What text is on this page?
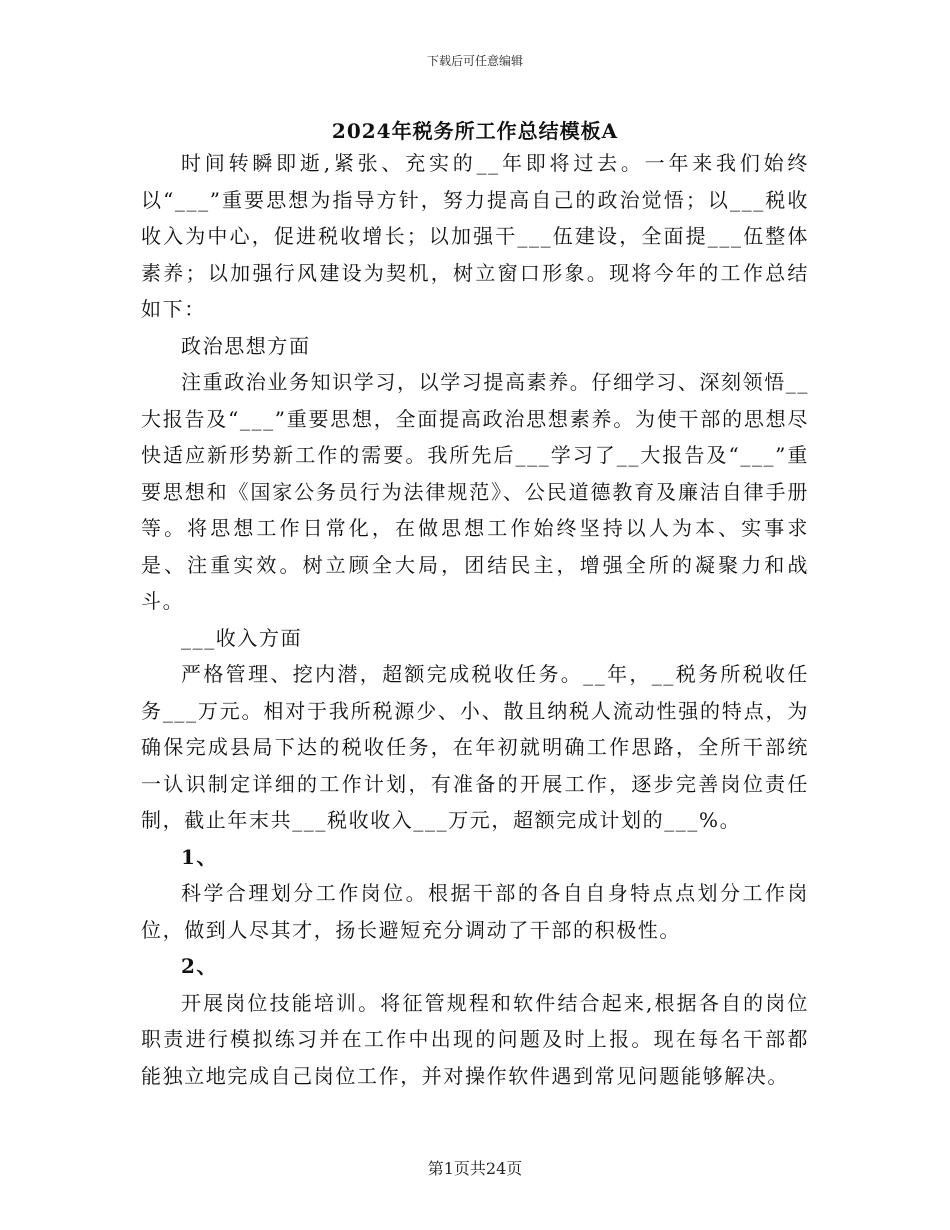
下载后可任意编辑
2024年税务所工作总结模板A

时间转瞬即逝,紧张、充实的__年即将过去。一年来我们始终以“___”重要思想为指导方针，努力提高自己的政治觉悟；以___税收收入为中心，促进税收增长；以加强干___伍建设，全面提___伍整体素养；以加强行风建设为契机，树立窗口形象。现将今年的工作总结如下：

政治思想方面

注重政治业务知识学习，以学习提高素养。仔细学习、深刻领悟__大报告及“___”重要思想，全面提高政治思想素养。为使干部的思想尽快适应新形势新工作的需要。我所先后___学习了__大报告及“___”重要思想和《国家公务员行为法律规范》、公民道德教育及廉洁自律手册等。将思想工作日常化，在做思想工作始终坚持以人为本、实事求是、注重实效。树立顾全大局，团结民主，增强全所的凝聚力和战斗。

___收入方面

严格管理、挖内潜，超额完成税收任务。__年，__税务所税收任务___万元。相对于我所税源少、小、散且纳税人流动性强的特点，为确保完成县局下达的税收任务，在年初就明确工作思路，全所干部统一认识制定详细的工作计划，有准备的开展工作，逐步完善岗位责任制，截止年末共___税收收入___万元，超额完成计划的___%。

1、

科学合理划分工作岗位。根据干部的各自自身特点点划分工作岗位，做到人尽其才，扬长避短充分调动了干部的积极性。

2、

开展岗位技能培训。将征管规程和软件结合起来,根据各自的岗位职责进行模拟练习并在工作中出现的问题及时上报。现在每名干部都能独立地完成自己岗位工作，并对操作软件遇到常见问题能够解决。

第1页共24页
